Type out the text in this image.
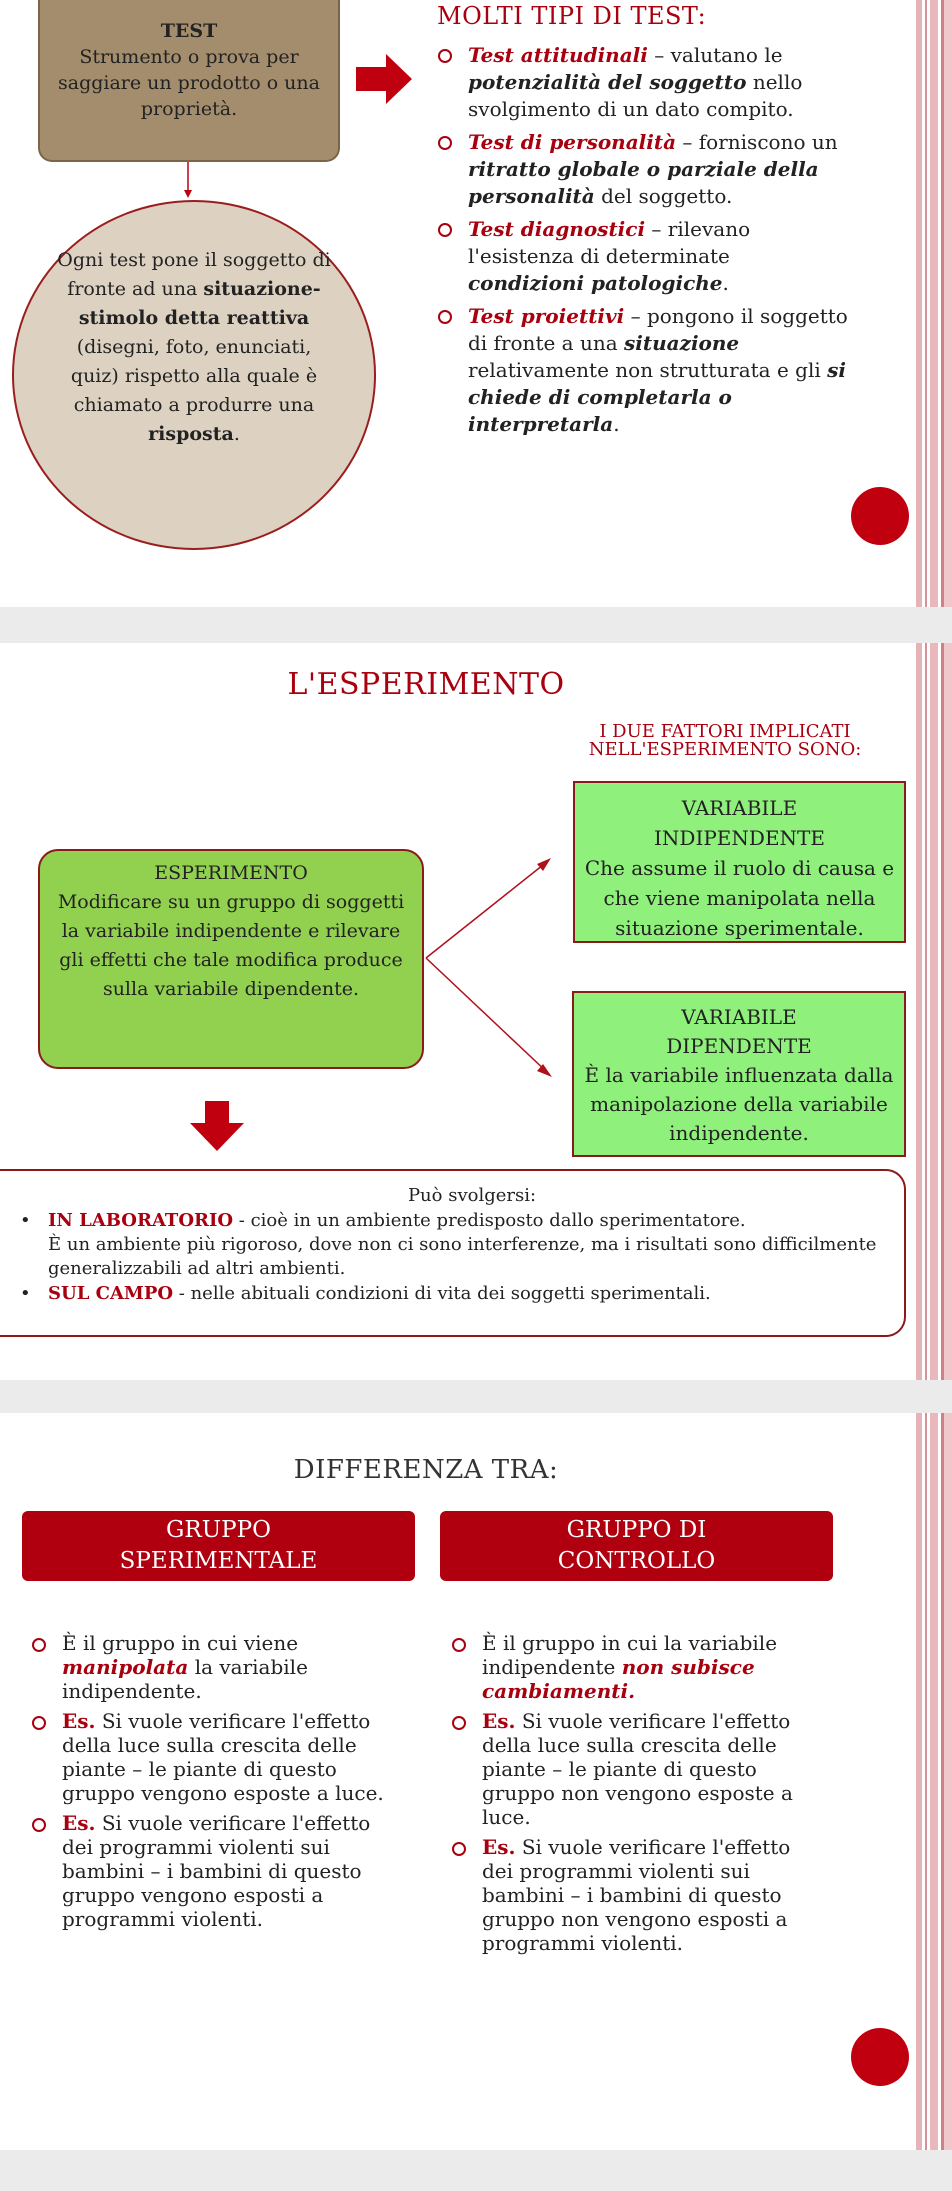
TEST
Strumento o prova per saggiare un prodotto o una proprietà.
Ogni test pone il soggetto di fronte ad una situazione-stimolo detta reattiva (disegni, foto, enunciati, quiz) rispetto alla quale è chiamato a produrre una risposta.
MOLTI TIPI DI TEST:
Test attitudinali – valutano le potenzialità del soggetto nello svolgimento di un dato compito.
Test di personalità – forniscono un ritratto globale o parziale della personalità del soggetto.
Test diagnostici – rilevano l'esistenza di determinate condizioni patologiche.
Test proiettivi – pongono il soggetto di fronte a una situazione relativamente non strutturata e gli si chiede di completarla o interpretarla.
L'ESPERIMENTO
I DUE FATTORI IMPLICATI NELL'ESPERIMENTO SONO:
ESPERIMENTO
Modificare su un gruppo di soggetti la variabile indipendente e rilevare gli effetti che tale modifica produce sulla variabile dipendente.
VARIABILE INDIPENDENTE
Che assume il ruolo di causa e che viene manipolata nella situazione sperimentale.
VARIABILE DIPENDENTE
È la variabile influenzata dalla manipolazione della variabile indipendente.
Può svolgersi:
• IN LABORATORIO - cioè in un ambiente predisposto dallo sperimentatore.
È un ambiente più rigoroso, dove non ci sono interferenze, ma i risultati sono difficilmente generalizzabili ad altri ambienti.
• SUL CAMPO - nelle abituali condizioni di vita dei soggetti sperimentali.
DIFFERENZA TRA:
GRUPPO SPERIMENTALE
GRUPPO DI CONTROLLO
È il gruppo in cui viene manipolata la variabile indipendente.
Es. Si vuole verificare l'effetto della luce sulla crescita delle piante – le piante di questo gruppo vengono esposte a luce.
Es. Si vuole verificare l'effetto dei programmi violenti sui bambini – i bambini di questo gruppo vengono esposti a programmi violenti.
È il gruppo in cui la variabile indipendente non subisce cambiamenti.
Es. Si vuole verificare l'effetto della luce sulla crescita delle piante – le piante di questo gruppo non vengono esposte a luce.
Es. Si vuole verificare l'effetto dei programmi violenti sui bambini – i bambini di questo gruppo non vengono esposti a programmi violenti.
